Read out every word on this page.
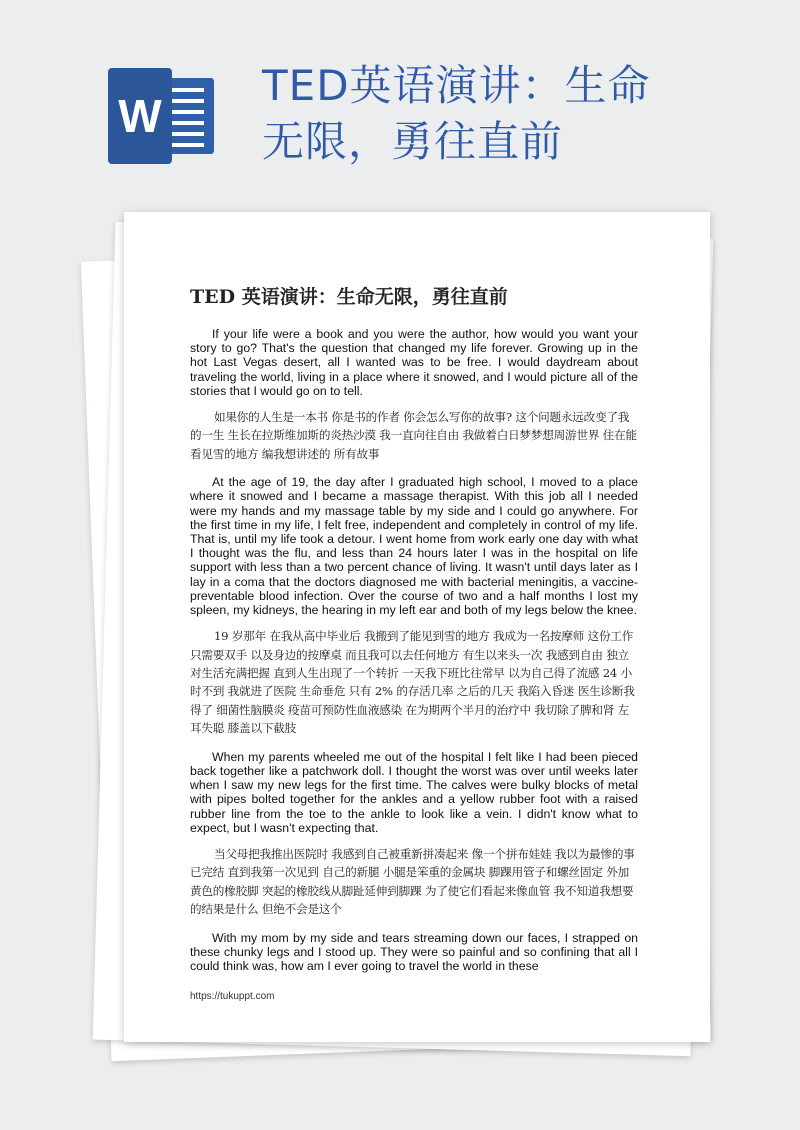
W
TED英语演讲：生命无限，勇往直前
TED 英语演讲：生命无限，勇往直前

If your life were a book and you were the author, how would you want your story to go? That's the question that changed my life forever. Growing up in the hot Last Vegas desert, all I wanted was to be free. I would daydream about traveling the world, living in a place where it snowed, and I would picture all of the stories that I would go on to tell.

如果你的人生是一本书 你是书的作者 你会怎么写你的故事? 这个问题永远改变了我的一生 生长在拉斯维加斯的炎热沙漠 我一直向往自由 我做着白日梦梦想周游世界 住在能看见雪的地方 编我想讲述的 所有故事

At the age of 19, the day after I graduated high school, I moved to a place where it snowed and I became a massage therapist. With this job all I needed were my hands and my massage table by my side and I could go anywhere. For the first time in my life, I felt free, independent and completely in control of my life. That is, until my life took a detour. I went home from work early one day with what I thought was the flu, and less than 24 hours later I was in the hospital on life support with less than a two percent chance of living. It wasn't until days later as I lay in a coma that the doctors diagnosed me with bacterial meningitis, a vaccine-preventable blood infection. Over the course of two and a half months I lost my spleen, my kidneys, the hearing in my left ear and both of my legs below the knee.

19 岁那年 在我从高中毕业后 我搬到了能见到雪的地方 我成为一名按摩师 这份工作只需要双手 以及身边的按摩桌 而且我可以去任何地方 有生以来头一次 我感到自由 独立 对生活充满把握 直到人生出现了一个转折 一天我下班比往常早 以为自己得了流感 24 小时不到 我就进了医院 生命垂危 只有 2% 的存活几率 之后的几天 我陷入昏迷 医生诊断我得了 细菌性脑膜炎 疫苗可预防性血液感染 在为期两个半月的治疗中 我切除了脾和肾 左耳失聪 膝盖以下截肢

When my parents wheeled me out of the hospital I felt like I had been pieced back together like a patchwork doll. I thought the worst was over until weeks later when I saw my new legs for the first time. The calves were bulky blocks of metal with pipes bolted together for the ankles and a yellow rubber foot with a raised rubber line from the toe to the ankle to look like a vein. I didn't know what to expect, but I wasn't expecting that.

当父母把我推出医院时 我感到自己被重新拼凑起来 像一个拼布娃娃 我以为最惨的事已完结 直到我第一次见到 自己的新腿 小腿是笨重的金属块 脚踝用管子和螺丝固定 外加黄色的橡胶脚 突起的橡胶线从脚趾延伸到脚踝 为了使它们看起来像血管 我不知道我想要的结果是什么 但绝不会是这个

With my mom by my side and tears streaming down our faces, I strapped on these chunky legs and I stood up. They were so painful and so confining that all I could think was, how am I ever going to travel the world in these

https://tukuppt.com
